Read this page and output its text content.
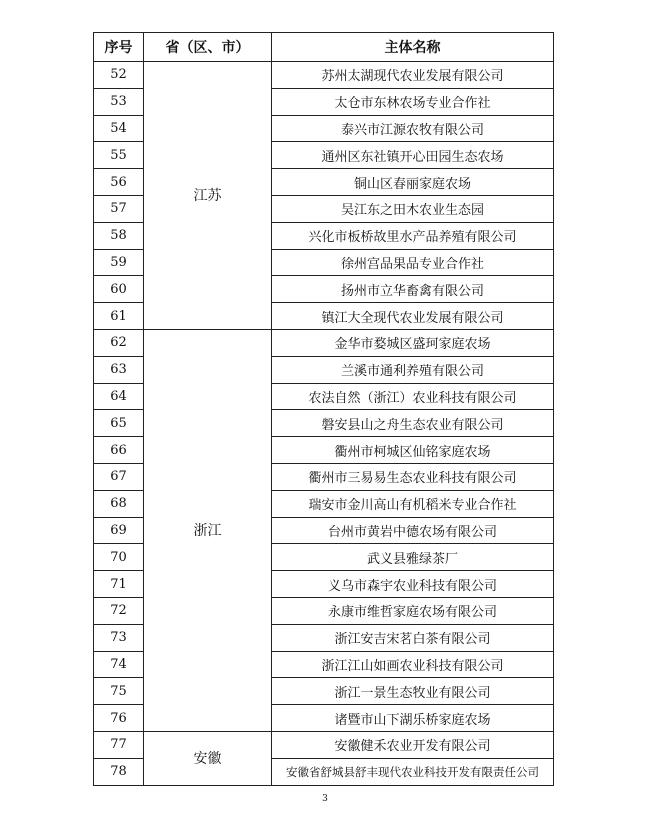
序号	省（区、市）	主体名称
52	江苏	苏州太湖现代农业发展有限公司
53		太仓市东林农场专业合作社
54		泰兴市江源农牧有限公司
55		通州区东社镇开心田园生态农场
56		铜山区春丽家庭农场
57		吴江东之田木农业生态园
58		兴化市板桥故里水产品养殖有限公司
59		徐州宫品果品专业合作社
60		扬州市立华畜禽有限公司
61		镇江大全现代农业发展有限公司
62	浙江	金华市婺城区盛珂家庭农场
63		兰溪市通利养殖有限公司
64		农法自然（浙江）农业科技有限公司
65		磐安县山之舟生态农业有限公司
66		衢州市柯城区仙铭家庭农场
67		衢州市三易易生态农业科技有限公司
68		瑞安市金川高山有机稻米专业合作社
69		台州市黄岩中德农场有限公司
70		武义县雅绿茶厂
71		义乌市森宇农业科技有限公司
72		永康市维哲家庭农场有限公司
73		浙江安吉宋茗白茶有限公司
74		浙江江山如画农业科技有限公司
75		浙江一景生态牧业有限公司
76		诸暨市山下湖乐桥家庭农场
77	安徽	安徽健禾农业开发有限公司
78		安徽省舒城县舒丰现代农业科技开发有限责任公司
3
